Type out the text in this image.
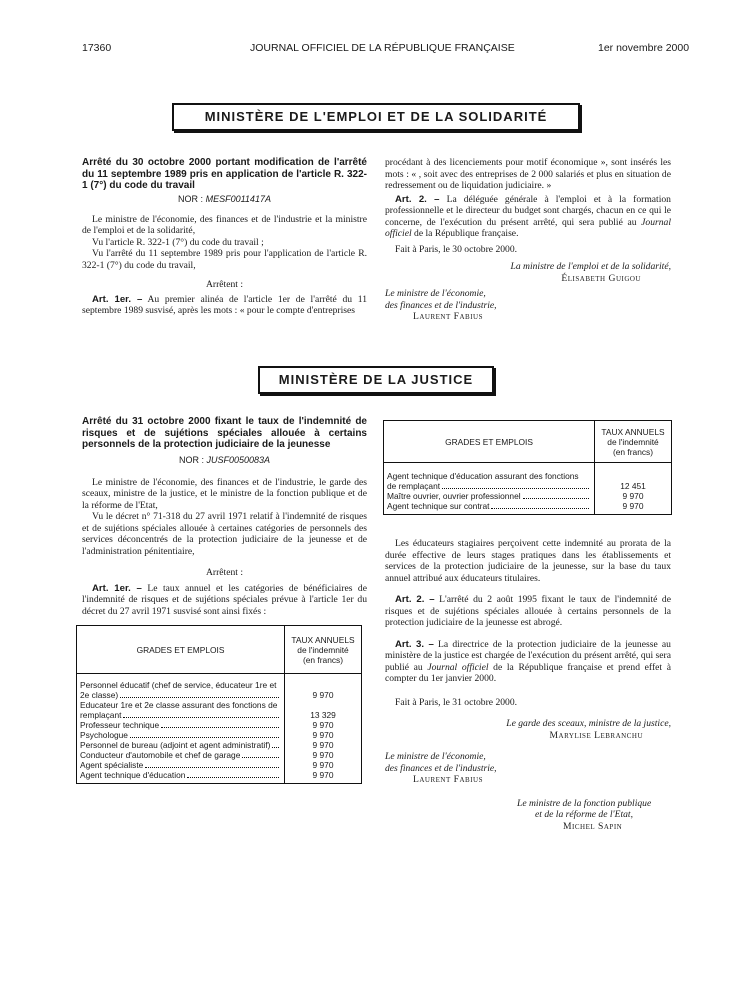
17360	JOURNAL OFFICIEL DE LA RÉPUBLIQUE FRANÇAISE	1er novembre 2000
MINISTÈRE DE L'EMPLOI ET DE LA SOLIDARITÉ
Arrêté du 30 octobre 2000 portant modification de l'arrêté du 11 septembre 1989 pris en application de l'article R. 322-1 (7°) du code du travail
NOR : MESF0011417A

Le ministre de l'économie, des finances et de l'industrie et la ministre de l'emploi et de la solidarité,

Vu l'article R. 322-1 (7°) du code du travail ;

Vu l'arrêté du 11 septembre 1989 pris pour l'application de l'article R. 322-1 (7°) du code du travail,

Arrêtent :

Art. 1er. – Au premier alinéa de l'article 1er de l'arrêté du 11 septembre 1989 susvisé, après les mots : « pour le compte d'entreprises

procédant à des licenciements pour motif économique », sont insérés les mots : « , soit avec des entreprises de 2 000 salariés et plus en situation de redressement ou de liquidation judiciaire. »

Art. 2. – La déléguée générale à l'emploi et à la formation professionnelle et le directeur du budget sont chargés, chacun en ce qui le concerne, de l'exécution du présent arrêté, qui sera publié au Journal officiel de la République française.

Fait à Paris, le 30 octobre 2000.

La ministre de l'emploi et de la solidarité,

Élisabeth Guigou

Le ministre de l'économie,

des finances et de l'industrie,

Laurent Fabius

MINISTÈRE DE LA JUSTICE
Arrêté du 31 octobre 2000 fixant le taux de l'indemnité de risques et de sujétions spéciales allouée à certains personnels de la protection judiciaire de la jeunesse
NOR : JUSF0050083A

Le ministre de l'économie, des finances et de l'industrie, le garde des sceaux, ministre de la justice, et le ministre de la fonction publique et de la réforme de l'Etat,

Vu le décret n° 71-318 du 27 avril 1971 relatif à l'indemnité de risques et de sujétions spéciales allouée à certaines catégories de personnels des services déconcentrés de la protection judiciaire de la jeunesse et de l'administration pénitentiaire,

Arrêtent :

Art. 1er. – Le taux annuel et les catégories de bénéficiaires de l'indemnité de risques et de sujétions spéciales prévue à l'article 1er du décret du 27 avril 1971 susvisé sont ainsi fixés :

GRADES ET EMPLOIS	TAUX ANNUELS
de l'indemnité
(en francs)

Personnel éducatif (chef de service, éducateur 1re et
2e classe)	9 970

Educateur 1re et 2e classe assurant des fonctions de
remplaçant	13 329

Professeur technique	9 970

Psychologue	9 970

Personnel de bureau (adjoint et agent administratif)	9 970

Conducteur d'automobile et chef de garage	9 970

Agent spécialiste	9 970

Agent technique d'éducation	9 970
GRADES ET EMPLOIS	TAUX ANNUELS
de l'indemnité
(en francs)

Agent technique d'éducation assurant des fonctions
de remplaçant	12 451

Maître ouvrier, ouvrier professionnel	9 970

Agent technique sur contrat	9 970

Les éducateurs stagiaires perçoivent cette indemnité au prorata de la durée effective de leurs stages pratiques dans les établissements et services de la protection judiciaire de la jeunesse, sur la base du taux annuel attribué aux éducateurs titulaires.

Art. 2. – L'arrêté du 2 août 1995 fixant le taux de l'indemnité de risques et de sujétions spéciales allouée à certains personnels de la protection judiciaire de la jeunesse est abrogé.

Art. 3. – La directrice de la protection judiciaire de la jeunesse au ministère de la justice est chargée de l'exécution du présent arrêté, qui sera publié au Journal officiel de la République française et prend effet à compter du 1er janvier 2000.

Fait à Paris, le 31 octobre 2000.

Le garde des sceaux, ministre de la justice,

Marylise Lebranchu

Le ministre de l'économie,

des finances et de l'industrie,

Laurent Fabius

Le ministre de la fonction publique

et de la réforme de l'Etat,

Michel Sapin
